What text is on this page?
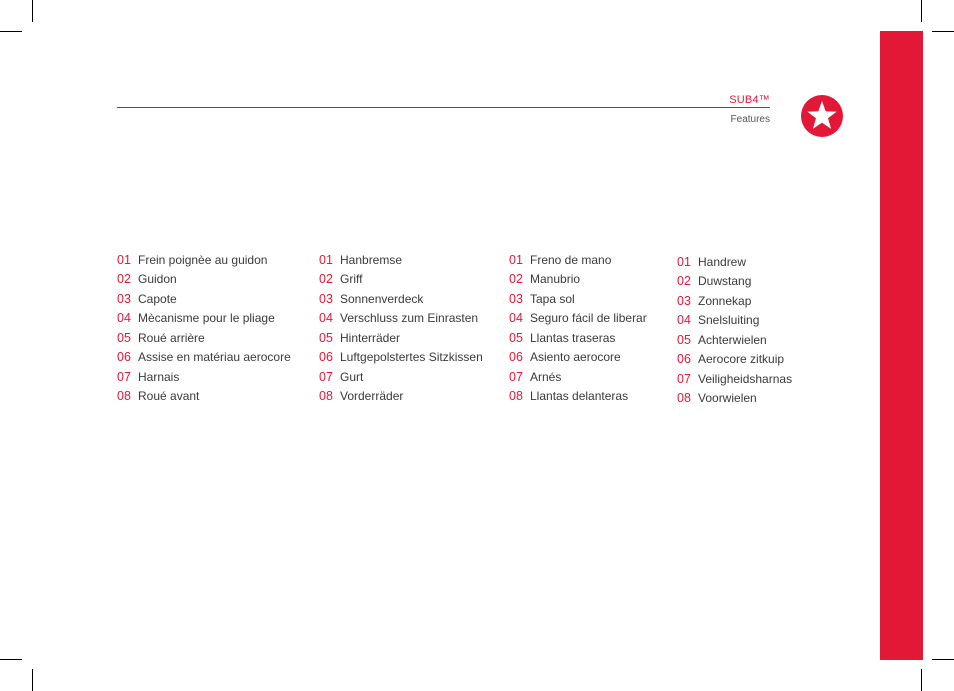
SUB4™
Features
01 Frein poignèe au guidon
02 Guidon
03 Capote
04 Mècanisme pour le pliage
05 Roué arrière
06 Assise en matériau aerocore
07 Harnais
08 Roué avant
01 Hanbremse
02 Griff
03 Sonnenverdeck
04 Verschluss zum Einrasten
05 Hinterräder
06 Luftgepolstertes Sitzkissen
07 Gurt
08 Vorderräder
01 Freno de mano
02 Manubrio
03 Tapa sol
04 Seguro fácil de liberar
05 Llantas traseras
06 Asiento aerocore
07 Arnés
08 Llantas delanteras
01 Handrew
02 Duwstang
03 Zonnekap
04 Snelsluiting
05 Achterwielen
06 Aerocore zitkuip
07 Veiligheidsharnas
08 Voorwielen
